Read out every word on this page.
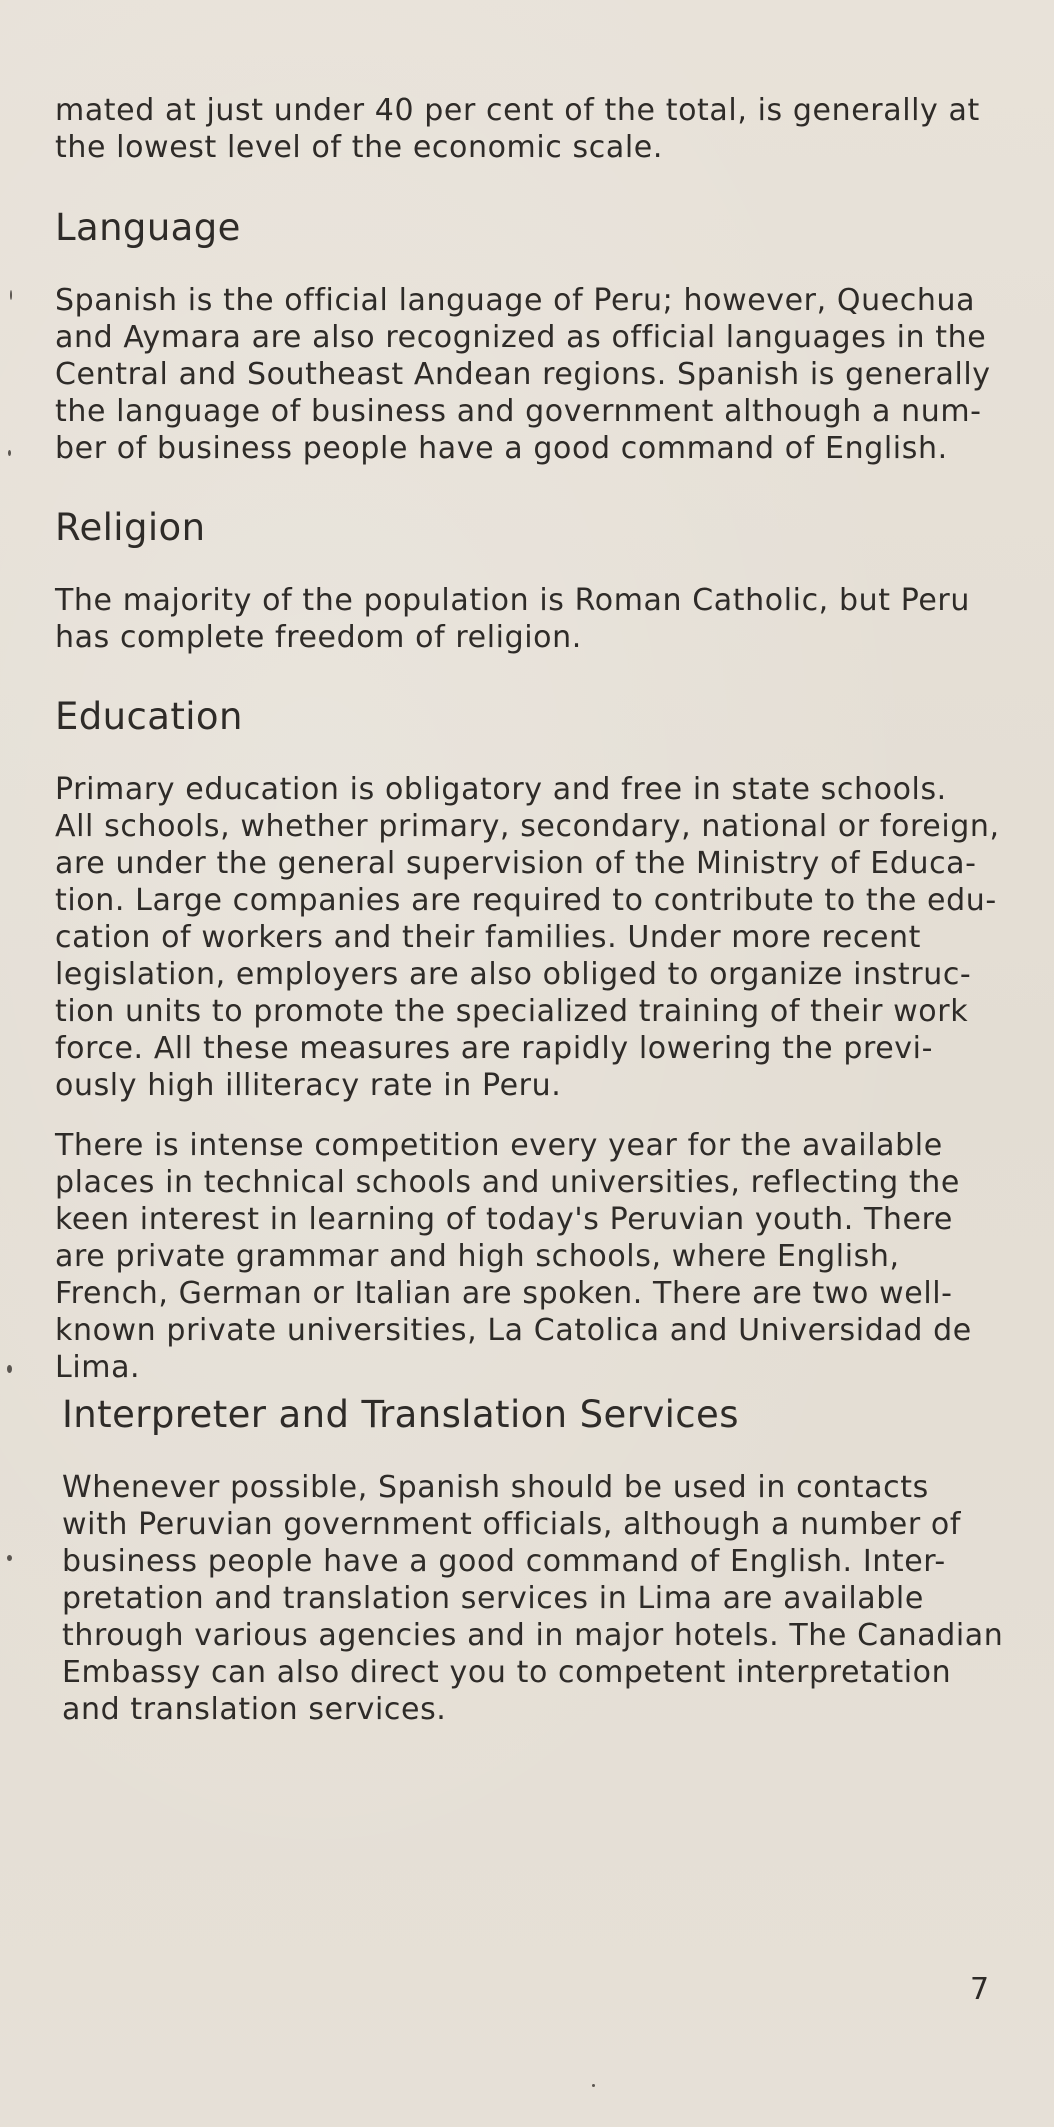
mated at just under 40 per cent of the total, is generally at
the lowest level of the economic scale.

Language

Spanish is the official language of Peru; however, Quechua
and Aymara are also recognized as official languages in the
Central and Southeast Andean regions. Spanish is generally
the language of business and government although a num-
ber of business people have a good command of English.

Religion

The majority of the population is Roman Catholic, but Peru
has complete freedom of religion.

Education

Primary education is obligatory and free in state schools.
All schools, whether primary, secondary, national or foreign,
are under the general supervision of the Ministry of Educa-
tion. Large companies are required to contribute to the edu-
cation of workers and their families. Under more recent
legislation, employers are also obliged to organize instruc-
tion units to promote the specialized training of their work
force. All these measures are rapidly lowering the previ-
ously high illiteracy rate in Peru.

There is intense competition every year for the available
places in technical schools and universities, reflecting the
keen interest in learning of today's Peruvian youth. There
are private grammar and high schools, where English,
French, German or Italian are spoken. There are two well-
known private universities, La Catolica and Universidad de
Lima.

Interpreter and Translation Services

Whenever possible, Spanish should be used in contacts
with Peruvian government officials, although a number of
business people have a good command of English. Inter-
pretation and translation services in Lima are available
through various agencies and in major hotels. The Canadian
Embassy can also direct you to competent interpretation
and translation services.

7
